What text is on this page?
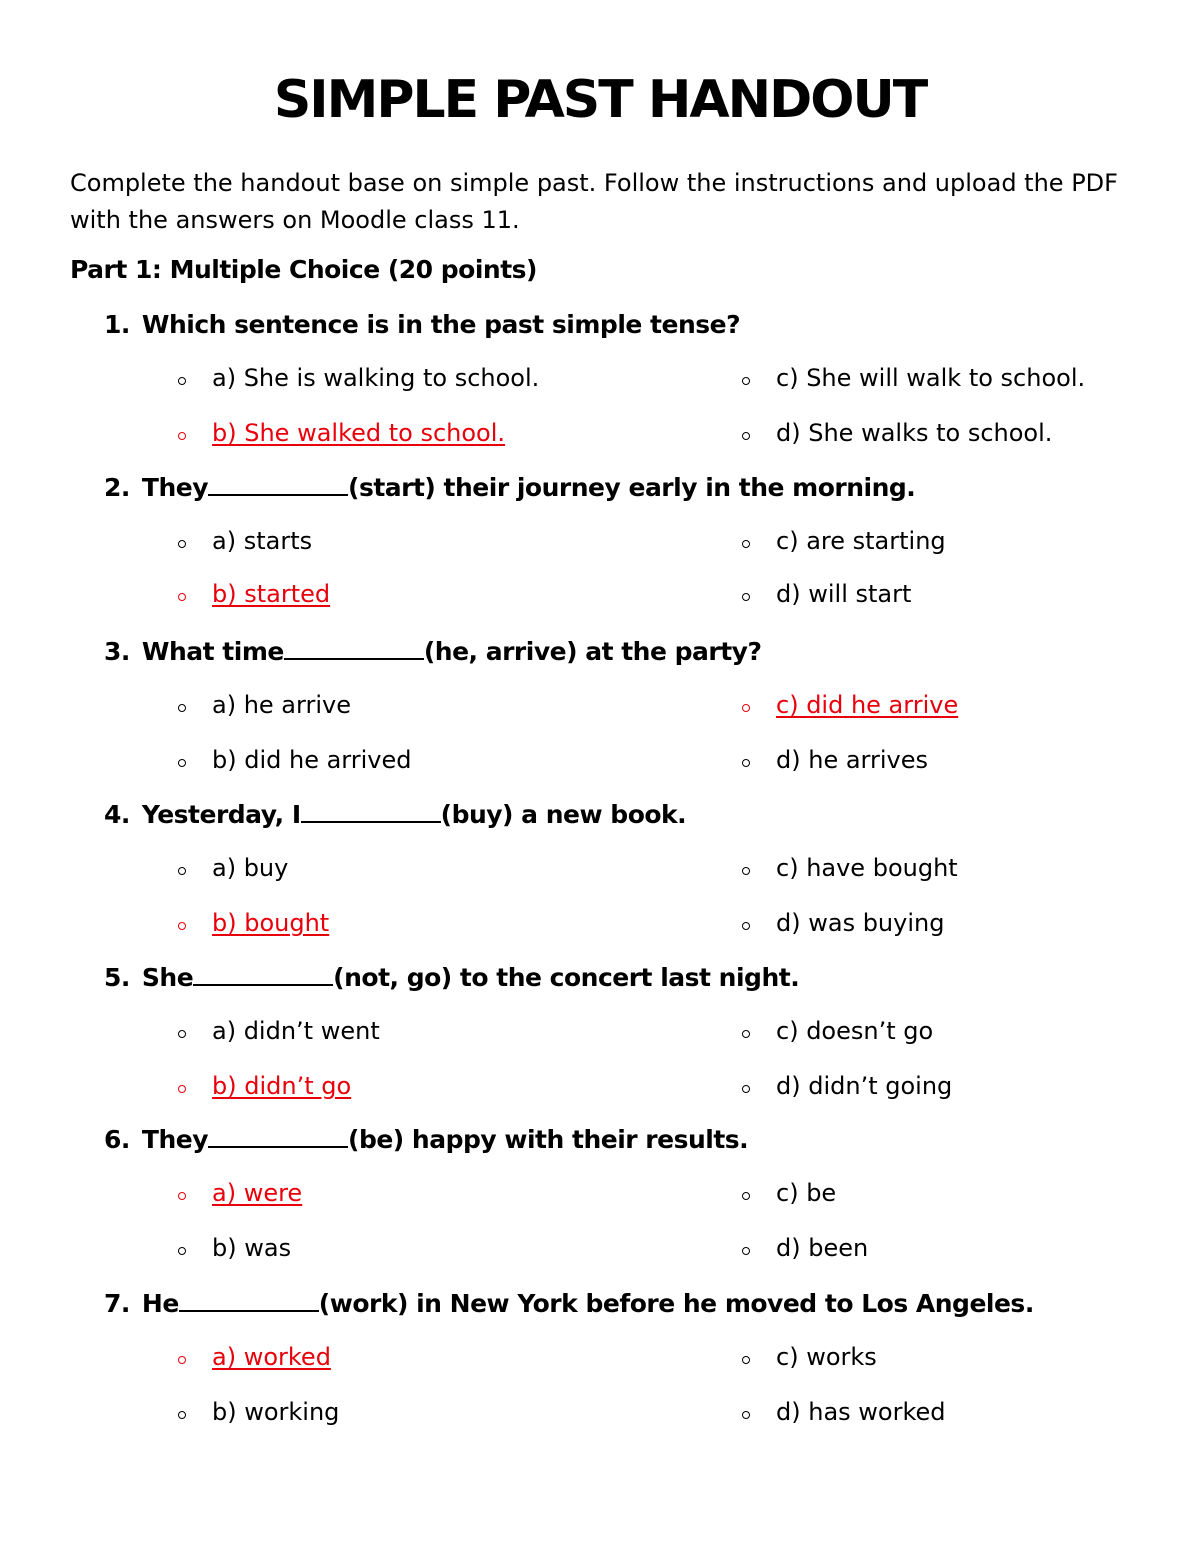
SIMPLE PAST HANDOUT
Complete the handout base on simple past. Follow the instructions and upload the PDF with the answers on Moodle class 11.
Part 1: Multiple Choice (20 points)
1. Which sentence is in the past simple tense?
a) She is walking to school.	c) She will walk to school.
b) She walked to school.	d) She walks to school.
2. They	(start) their journey early in the morning.
a) starts	c) are starting
b) started	d) will start
3. What time	(he, arrive) at the party?
a) he arrive	c) did he arrive
b) did he arrived	d) he arrives
4. Yesterday, I	(buy) a new book.
a) buy	c) have bought
b) bought	d) was buying
5. She	(not, go) to the concert last night.
a) didn’t went	c) doesn’t go
b) didn’t go	d) didn’t going
6. They	(be) happy with their results.
a) were	c) be
b) was	d) been
7. He	(work) in New York before he moved to Los Angeles.
a) worked	c) works
b) working	d) has worked
